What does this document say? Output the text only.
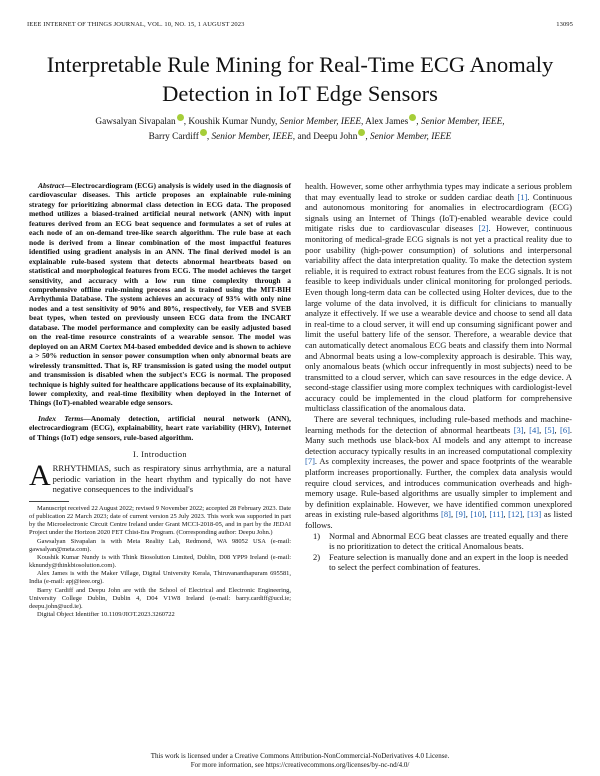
IEEE INTERNET OF THINGS JOURNAL, VOL. 10, NO. 15, 1 AUGUST 2023	13095
Interpretable Rule Mining for Real-Time ECG Anomaly Detection in IoT Edge Sensors
Gawsalyan Sivapalan , Koushik Kumar Nundy, Senior Member, IEEE, Alex James , Senior Member, IEEE,
Barry Cardiff , Senior Member, IEEE, and Deepu John , Senior Member, IEEE

Abstract—Electrocardiogram (ECG) analysis is widely used in the diagnosis of cardiovascular diseases. This article proposes an explainable rule-mining strategy for prioritizing abnormal class detection in ECG data. The proposed method utilizes a biased-trained artificial neural network (ANN) with input features derived from an ECG beat sequence and formulates a set of rules at each node of an on-demand tree-like search algorithm. The rule base at each node is derived from a linear combination of the most impactful features identified using gradient analysis in an ANN. The final derived model is an explainable rule-based system that detects abnormal heartbeats based on statistical and morphological features from ECG. The model achieves the target sensitivity, and accuracy with a low run time complexity through a comprehensive offline rule-mining process and is trained using the MIT-BIH Arrhythmia Database. The system achieves an accuracy of 93% with only nine nodes and a test sensitivity of 90% and 80%, respectively, for VEB and SVEB beat types, when tested on previously unseen ECG data from the INCART database. The model performance and complexity can be easily adjusted based on the real-time resource constraints of a wearable sensor. The model was deployed on an ARM Cortex M4-based embedded device and is shown to achieve a > 50% reduction in sensor power consumption when only abnormal beats are wirelessly transmitted. That is, RF transmission is gated using the model output and transmission is disabled when the subject's ECG is normal. The proposed technique is highly suited for healthcare applications because of its explainability, lower complexity, and real-time flexibility when deployed in the Internet of Things (IoT)-enabled wearable edge sensors.

Index Terms—Anomaly detection, artificial neural network (ANN), electrocardiogram (ECG), explainability, heart rate variability (HRV), Internet of Things (IoT) edge sensors, rule-based algorithm.

I. Introduction

ARRHYTHMIAS, such as respiratory sinus arrhythmia, are a natural periodic variation in the heart rhythm and typically do not have negative consequences to the individual's

Manuscript received 22 August 2022; revised 9 November 2022; accepted 28 February 2023. Date of publication 22 March 2023; date of current version 25 July 2023. This work was supported in part by the Microelectronic Circuit Centre Ireland under Grant MCCI-2018-05, and in part by the JEDAI Project under the Horizon 2020 FET Chist-Era Program. (Corresponding author: Deepu John.)

Gawsalyan Sivapalan is with Meta Reality Lab, Redmond, WA 98052 USA (e-mail: gawsalyan@meta.com).

Koushik Kumar Nundy is with Think Biosolution Limited, Dublin, D08 YPP9 Ireland (e-mail: kknundy@thinkbiosolution.com).

Alex James is with the Maker Village, Digital University Kerala, Thiruvananthapuram 695581, India (e-mail: apj@ieee.org).

Barry Cardiff and Deepu John are with the School of Electrical and Electronic Engineering, University College Dublin, Dublin 4, D04 V1W8 Ireland (e-mail: barry.cardiff@ucd.ie; deepu.john@ucd.ie).

Digital Object Identifier 10.1109/JIOT.2023.3260722

health. However, some other arrhythmia types may indicate a serious problem that may eventually lead to stroke or sudden cardiac death [1]. Continuous and autonomous monitoring for anomalies in electrocardiogram (ECG) signals using an Internet of Things (IoT)-enabled wearable device could mitigate risks due to cardiovascular diseases [2]. However, continuous monitoring of medical-grade ECG signals is not yet a practical reality due to poor usability (high-power consumption) of solutions and interpersonal variability affect the data interpretation quality. To make the detection system reliable, it is required to extract robust features from the ECG signals. It is not feasible to keep individuals under clinical monitoring for prolonged periods. Even though long-term data can be collected using Holter devices, due to the large volume of the data involved, it is difficult for clinicians to manually analyze it effectively. If we use a wearable device and choose to send all data in real-time to a cloud server, it will end up consuming significant power and limit the useful battery life of the sensor. Therefore, a wearable device that can automatically detect anomalous ECG beats and classify them into Normal and Abnormal beats using a low-complexity approach is desirable. This way, only anomalous beats (which occur infrequently in most subjects) need to be transmitted to a cloud server, which can save resources in the edge device. A second-stage classifier using more complex techniques with cardiologist-level accuracy could be implemented in the cloud platform for comprehensive multiclass classification of the anomalous data.

There are several techniques, including rule-based methods and machine-learning methods for the detection of abnormal heartbeats [3], [4], [5], [6]. Many such methods use black-box AI models and any attempt to increase detection accuracy typically results in an increased computational complexity [7]. As complexity increases, the power and space footprints of the wearable platform increases proportionally. Further, the complex data analysis would require cloud services, and introduces communication overheads and high-memory usage. Rule-based algorithms are usually simpler to implement and by definition explainable. However, we have identified common unexplored areas in existing rule-based algorithms [8], [9], [10], [11], [12], [13] as listed follows.

1) Normal and Abnormal ECG beat classes are treated equally and there is no prioritization to detect the critical Anomalous beats.
2) Feature selection is manually done and an expert in the loop is needed to select the perfect combination of features.
This work is licensed under a Creative Commons Attribution-NonCommercial-NoDerivatives 4.0 License.
For more information, see https://creativecommons.org/licenses/by-nc-nd/4.0/
